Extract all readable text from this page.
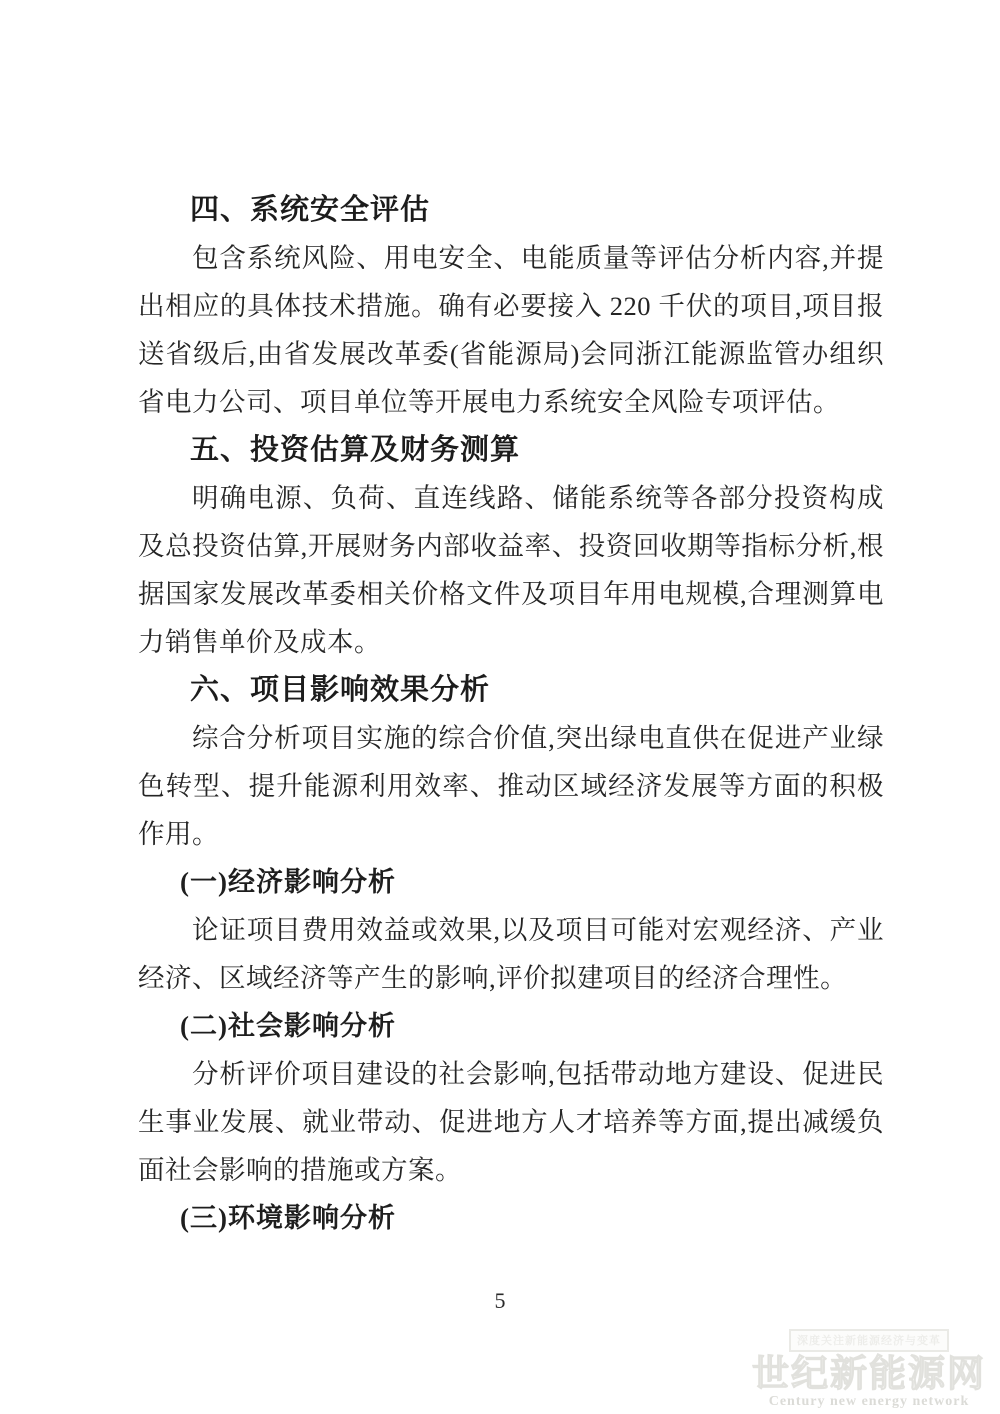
四、系统安全评估

包含系统风险、用电安全、电能质量等评估分析内容,并提出相应的具体技术措施。确有必要接入 220 千伏的项目,项目报送省级后,由省发展改革委(省能源局)会同浙江能源监管办组织省电力公司、项目单位等开展电力系统安全风险专项评估。

五、投资估算及财务测算

明确电源、负荷、直连线路、储能系统等各部分投资构成及总投资估算,开展财务内部收益率、投资回收期等指标分析,根据国家发展改革委相关价格文件及项目年用电规模,合理测算电力销售单价及成本。

六、项目影响效果分析

综合分析项目实施的综合价值,突出绿电直供在促进产业绿色转型、提升能源利用效率、推动区域经济发展等方面的积极作用。

(一)经济影响分析

论证项目费用效益或效果,以及项目可能对宏观经济、产业经济、区域经济等产生的影响,评价拟建项目的经济合理性。

(二)社会影响分析

分析评价项目建设的社会影响,包括带动地方建设、促进民生事业发展、就业带动、促进地方人才培养等方面,提出减缓负面社会影响的措施或方案。

(三)环境影响分析
5
深度关注新能源经济与变革
世纪新能源网
Century new energy network
